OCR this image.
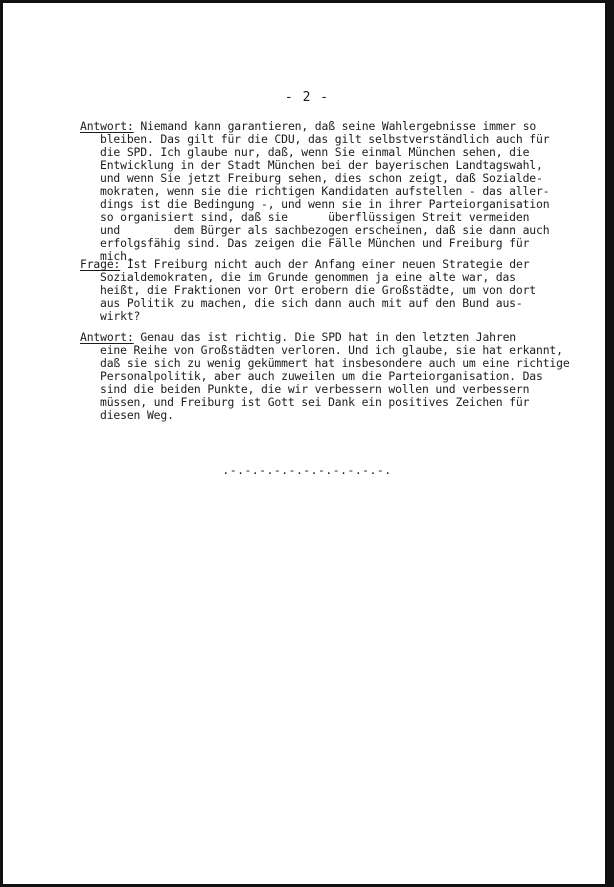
- 2 -
Antwort: Niemand kann garantieren, daß seine Wahlergebnisse immer so
bleiben. Das gilt für die CDU, das gilt selbstverständlich auch für
die SPD. Ich glaube nur, daß, wenn Sie einmal München sehen, die
Entwicklung in der Stadt München bei der bayerischen Landtagswahl,
und wenn Sie jetzt Freiburg sehen, dies schon zeigt, daß Sozialde-
mokraten, wenn sie die richtigen Kandidaten aufstellen - das aller-
dings ist die Bedingung -, und wenn sie in ihrer Parteiorganisation
so organisiert sind, daß sie      überflüssigen Streit vermeiden
und        dem Bürger als sachbezogen erscheinen, daß sie dann auch
erfolgsfähig sind. Das zeigen die Fälle München und Freiburg für
mich.
Frage: Ist Freiburg nicht auch der Anfang einer neuen Strategie der
Sozialdemokraten, die im Grunde genommen ja eine alte war, das
heißt, die Fraktionen vor Ort erobern die Großstädte, um von dort
aus Politik zu machen, die sich dann auch mit auf den Bund aus-
wirkt?
Antwort: Genau das ist richtig. Die SPD hat in den letzten Jahren
eine Reihe von Großstädten verloren. Und ich glaube, sie hat erkannt,
daß sie sich zu wenig gekümmert hat insbesondere auch um eine richtige
Personalpolitik, aber auch zuweilen um die Parteiorganisation. Das
sind die beiden Punkte, die wir verbessern wollen und verbessern
müssen, und Freiburg ist Gott sei Dank ein positives Zeichen für
diesen Weg.
.-.-.-.-.-.-.-.-.-.-.-.
